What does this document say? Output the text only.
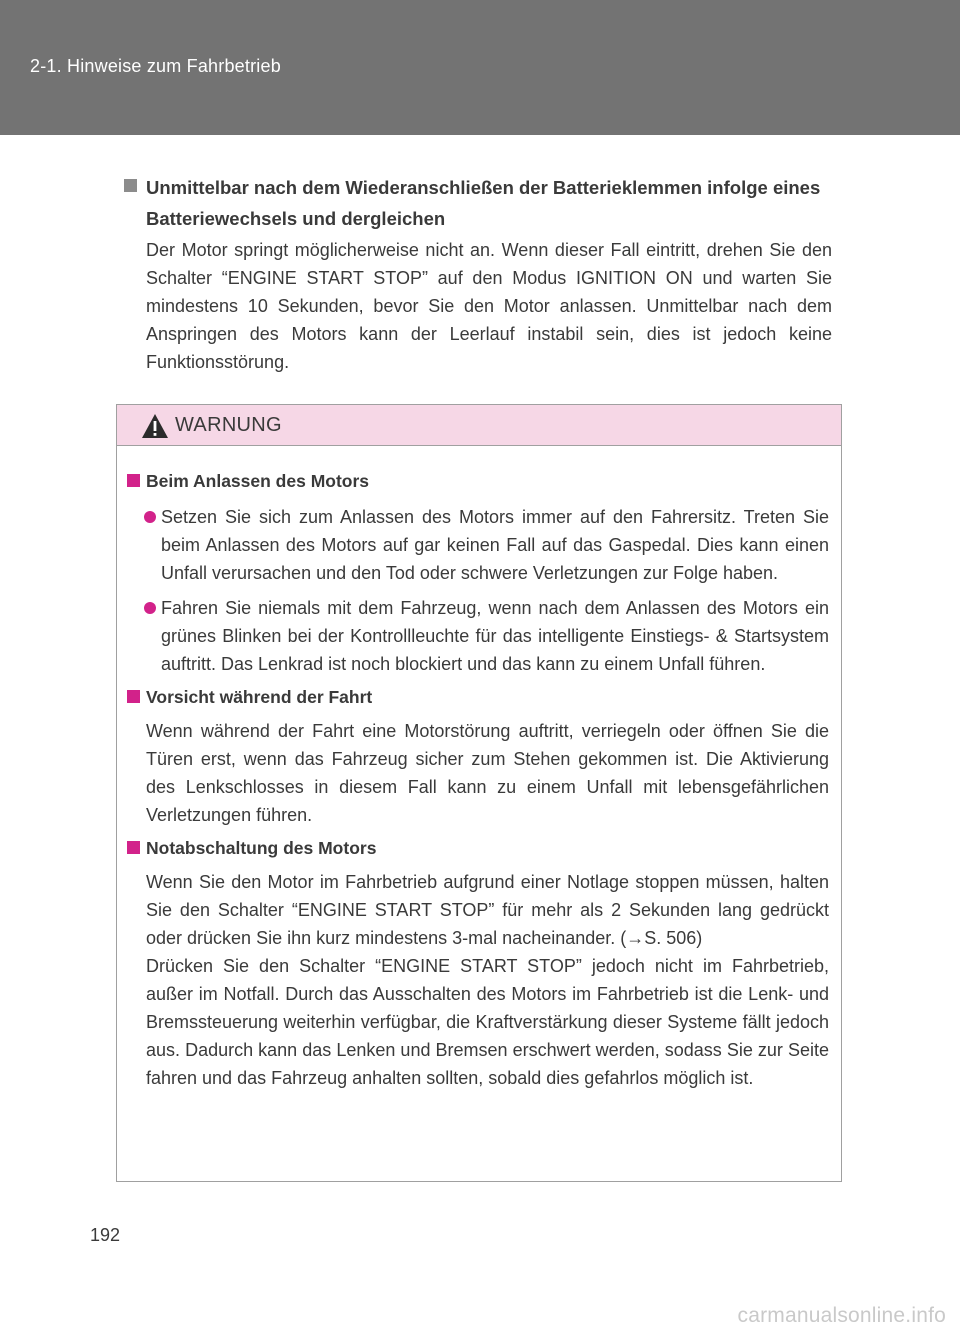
2-1. Hinweise zum Fahrbetrieb
Unmittelbar nach dem Wiederanschließen der Batterieklemmen infolge eines Batteriewechsels und dergleichen
Der Motor springt möglicherweise nicht an. Wenn dieser Fall eintritt, drehen Sie den Schalter “ENGINE START STOP” auf den Modus IGNITION ON und warten Sie mindestens 10 Sekunden, bevor Sie den Motor anlassen. Unmittelbar nach dem Anspringen des Motors kann der Leerlauf instabil sein, dies ist jedoch keine Funktionsstörung.
WARNUNG
Beim Anlassen des Motors
Setzen Sie sich zum Anlassen des Motors immer auf den Fahrersitz. Treten Sie beim Anlassen des Motors auf gar keinen Fall auf das Gaspedal. Dies kann einen Unfall verursachen und den Tod oder schwere Verletzungen zur Folge haben.
Fahren Sie niemals mit dem Fahrzeug, wenn nach dem Anlassen des Motors ein grünes Blinken bei der Kontrollleuchte für das intelligente Einstiegs- & Startsystem auftritt. Das Lenkrad ist noch blockiert und das kann zu einem Unfall führen.
Vorsicht während der Fahrt

Wenn während der Fahrt eine Motorstörung auftritt, verriegeln oder öffnen Sie die Türen erst, wenn das Fahrzeug sicher zum Stehen gekommen ist. Die Aktivierung des Lenkschlosses in diesem Fall kann zu einem Unfall mit lebensgefährlichen Verletzungen führen.

Notabschaltung des Motors

Wenn Sie den Motor im Fahrbetrieb aufgrund einer Notlage stoppen müssen, halten Sie den Schalter “ENGINE START STOP” für mehr als 2 Sekunden lang gedrückt oder drücken Sie ihn kurz mindestens 3-mal nacheinander. (→S. 506)

Drücken Sie den Schalter “ENGINE START STOP” jedoch nicht im Fahrbetrieb, außer im Notfall. Durch das Ausschalten des Motors im Fahrbetrieb ist die Lenk- und Bremssteuerung weiterhin verfügbar, die Kraftverstärkung dieser Systeme fällt jedoch aus. Dadurch kann das Lenken und Bremsen erschwert werden, sodass Sie zur Seite fahren und das Fahrzeug anhalten sollten, sobald dies gefahrlos möglich ist.

192
carmanualsonline.info
